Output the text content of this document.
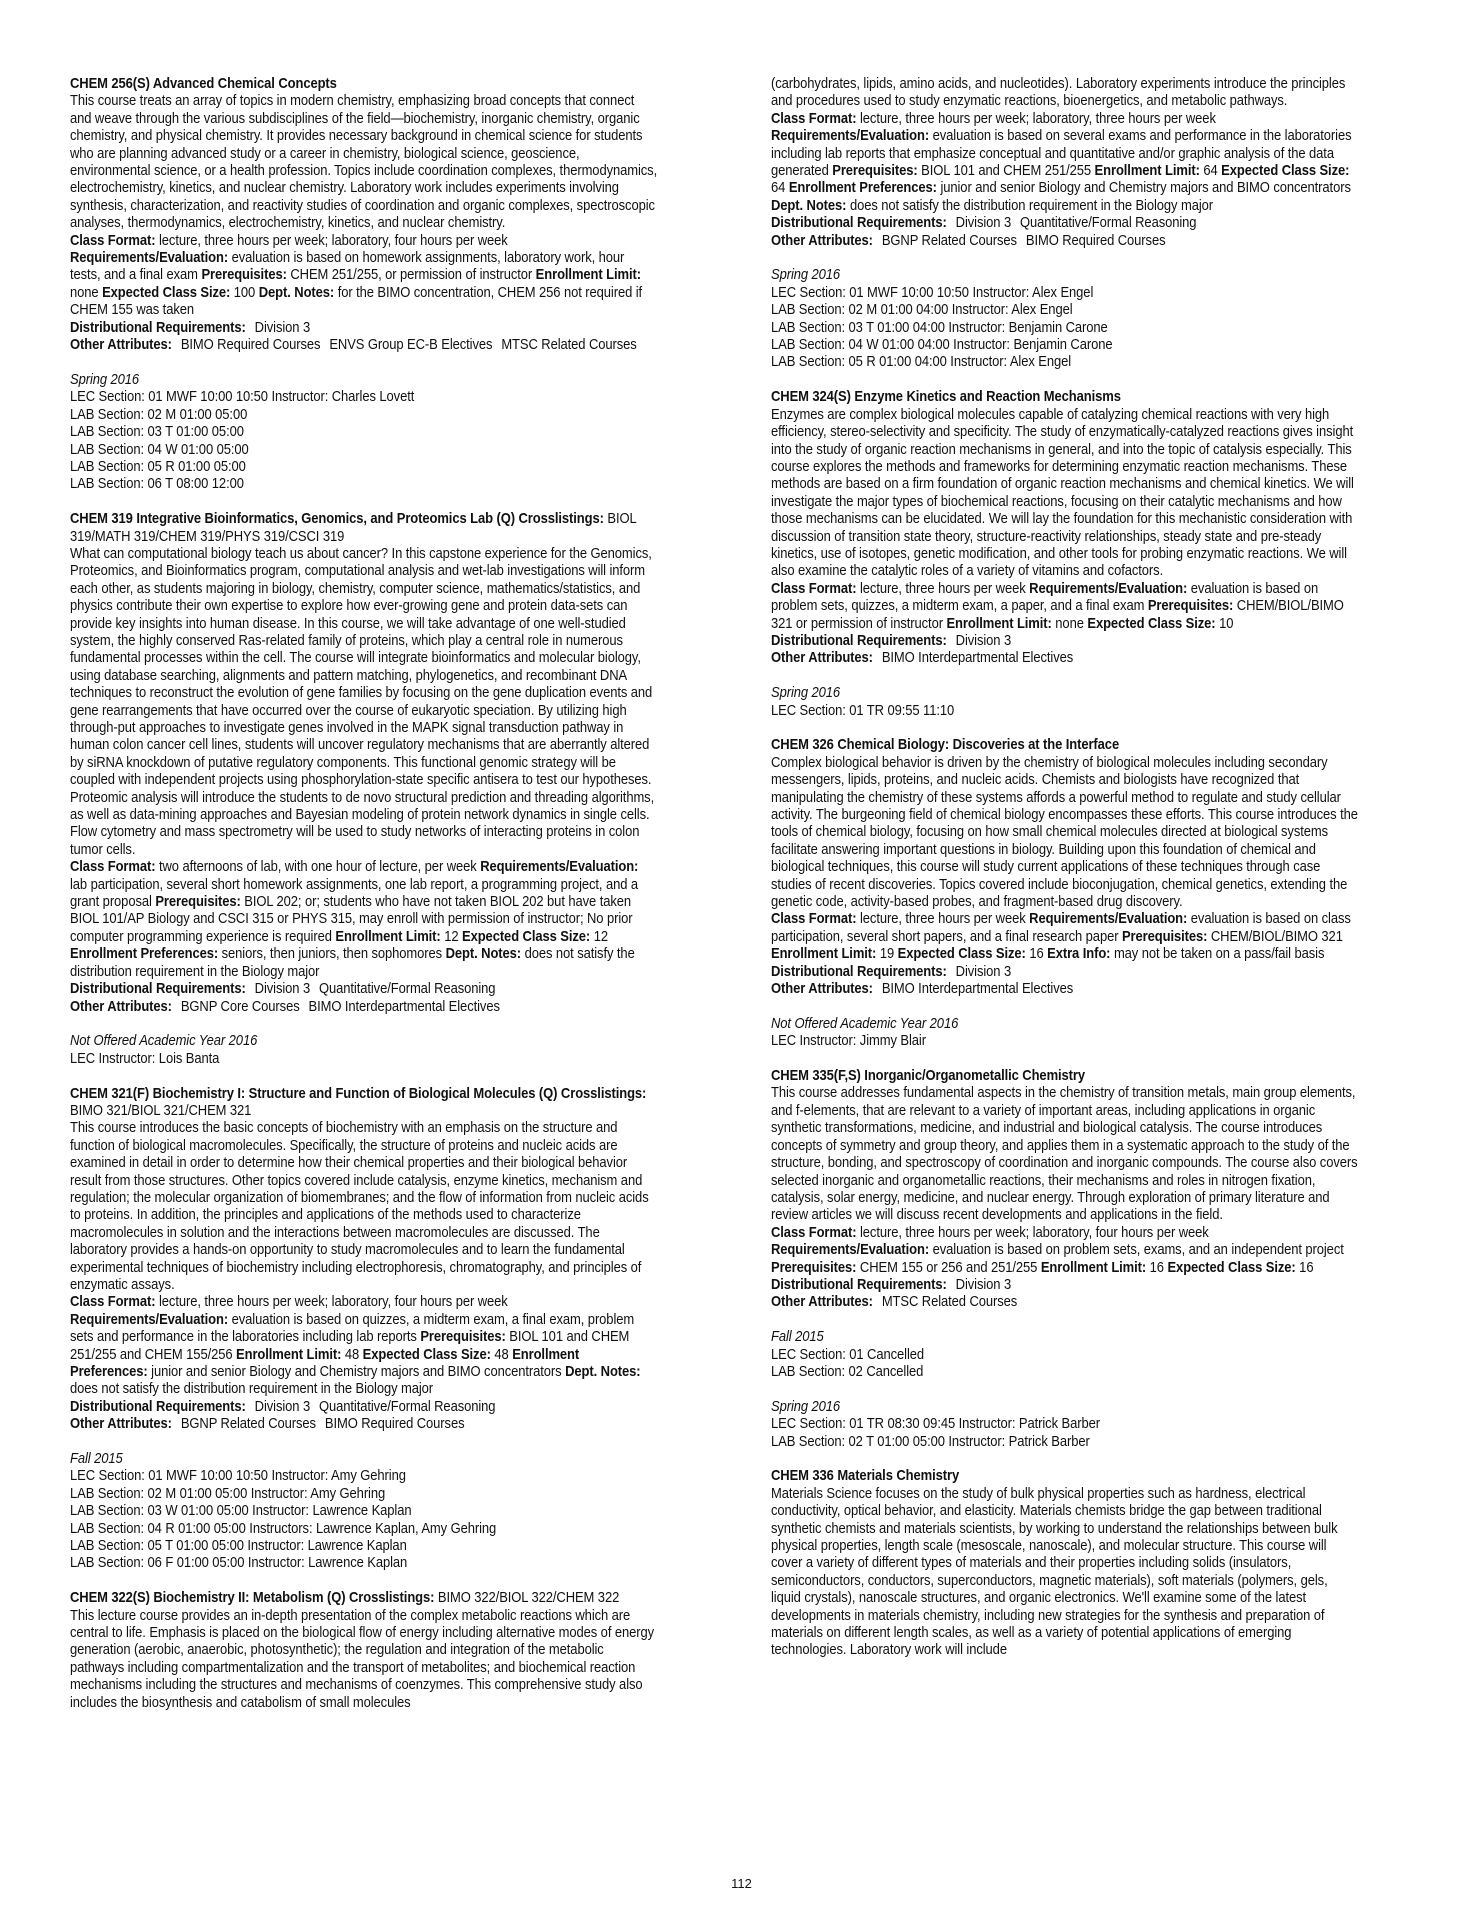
CHEM 256(S) Advanced Chemical Concepts

This course treats an array of topics in modern chemistry, emphasizing broad concepts that connect and weave through the various subdisciplines of the field—biochemistry, inorganic chemistry, organic chemistry, and physical chemistry. It provides necessary background in chemical science for students who are planning advanced study or a career in chemistry, biological science, geoscience, environmental science, or a health profession. Topics include coordination complexes, thermodynamics, electrochemistry, kinetics, and nuclear chemistry. Laboratory work includes experiments involving synthesis, characterization, and reactivity studies of coordination and organic complexes, spectroscopic analyses, thermodynamics, electrochemistry, kinetics, and nuclear chemistry.

Class Format: lecture, three hours per week; laboratory, four hours per week Requirements/Evaluation: evaluation is based on homework assignments, laboratory work, hour tests, and a final exam Prerequisites: CHEM 251/255, or permission of instructor Enrollment Limit: none Expected Class Size: 100 Dept. Notes: for the BIMO concentration, CHEM 256 not required if CHEM 155 was taken

Distributional Requirements: Division 3

Other Attributes: BIMO Required Courses ENVS Group EC-B Electives MTSC Related Courses

Spring 2016

LEC Section: 01 MWF 10:00 10:50 Instructor: Charles Lovett

LAB Section: 02 M 01:00 05:00

LAB Section: 03 T 01:00 05:00

LAB Section: 04 W 01:00 05:00

LAB Section: 05 R 01:00 05:00

LAB Section: 06 T 08:00 12:00

CHEM 319 Integrative Bioinformatics, Genomics, and Proteomics Lab (Q) Crosslistings: BIOL 319/MATH 319/CHEM 319/PHYS 319/CSCI 319

What can computational biology teach us about cancer? In this capstone experience for the Genomics, Proteomics, and Bioinformatics program, computational analysis and wet-lab investigations will inform each other, as students majoring in biology, chemistry, computer science, mathematics/statistics, and physics contribute their own expertise to explore how ever-growing gene and protein data-sets can provide key insights into human disease. In this course, we will take advantage of one well-studied system, the highly conserved Ras-related family of proteins, which play a central role in numerous fundamental processes within the cell. The course will integrate bioinformatics and molecular biology, using database searching, alignments and pattern matching, phylogenetics, and recombinant DNA techniques to reconstruct the evolution of gene families by focusing on the gene duplication events and gene rearrangements that have occurred over the course of eukaryotic speciation. By utilizing high through-put approaches to investigate genes involved in the MAPK signal transduction pathway in human colon cancer cell lines, students will uncover regulatory mechanisms that are aberrantly altered by siRNA knockdown of putative regulatory components. This functional genomic strategy will be coupled with independent projects using phosphorylation-state specific antisera to test our hypotheses. Proteomic analysis will introduce the students to de novo structural prediction and threading algorithms, as well as data-mining approaches and Bayesian modeling of protein network dynamics in single cells. Flow cytometry and mass spectrometry will be used to study networks of interacting proteins in colon tumor cells.

Class Format: two afternoons of lab, with one hour of lecture, per week Requirements/Evaluation: lab participation, several short homework assignments, one lab report, a programming project, and a grant proposal Prerequisites: BIOL 202; or; students who have not taken BIOL 202 but have taken BIOL 101/AP Biology and CSCI 315 or PHYS 315, may enroll with permission of instructor; No prior computer programming experience is required Enrollment Limit: 12 Expected Class Size: 12 Enrollment Preferences: seniors, then juniors, then sophomores Dept. Notes: does not satisfy the distribution requirement in the Biology major

Distributional Requirements: Division 3 Quantitative/Formal Reasoning

Other Attributes: BGNP Core Courses BIMO Interdepartmental Electives

Not Offered Academic Year 2016

LEC Instructor: Lois Banta

CHEM 321(F) Biochemistry I: Structure and Function of Biological Molecules (Q) Crosslistings: BIMO 321/BIOL 321/CHEM 321

This course introduces the basic concepts of biochemistry with an emphasis on the structure and function of biological macromolecules. Specifically, the structure of proteins and nucleic acids are examined in detail in order to determine how their chemical properties and their biological behavior result from those structures. Other topics covered include catalysis, enzyme kinetics, mechanism and regulation; the molecular organization of biomembranes; and the flow of information from nucleic acids to proteins. In addition, the principles and applications of the methods used to characterize macromolecules in solution and the interactions between macromolecules are discussed. The laboratory provides a hands-on opportunity to study macromolecules and to learn the fundamental experimental techniques of biochemistry including electrophoresis, chromatography, and principles of enzymatic assays.

Class Format: lecture, three hours per week; laboratory, four hours per week Requirements/Evaluation: evaluation is based on quizzes, a midterm exam, a final exam, problem sets and performance in the laboratories including lab reports Prerequisites: BIOL 101 and CHEM 251/255 and CHEM 155/256 Enrollment Limit: 48 Expected Class Size: 48 Enrollment Preferences: junior and senior Biology and Chemistry majors and BIMO concentrators Dept. Notes: does not satisfy the distribution requirement in the Biology major

Distributional Requirements: Division 3 Quantitative/Formal Reasoning

Other Attributes: BGNP Related Courses BIMO Required Courses

Fall 2015

LEC Section: 01 MWF 10:00 10:50 Instructor: Amy Gehring

LAB Section: 02 M 01:00 05:00 Instructor: Amy Gehring

LAB Section: 03 W 01:00 05:00 Instructor: Lawrence Kaplan

LAB Section: 04 R 01:00 05:00 Instructors: Lawrence Kaplan, Amy Gehring

LAB Section: 05 T 01:00 05:00 Instructor: Lawrence Kaplan

LAB Section: 06 F 01:00 05:00 Instructor: Lawrence Kaplan

CHEM 322(S) Biochemistry II: Metabolism (Q) Crosslistings: BIMO 322/BIOL 322/CHEM 322

This lecture course provides an in-depth presentation of the complex metabolic reactions which are central to life. Emphasis is placed on the biological flow of energy including alternative modes of energy generation (aerobic, anaerobic, photosynthetic); the regulation and integration of the metabolic pathways including compartmentalization and the transport of metabolites; and biochemical reaction mechanisms including the structures and mechanisms of coenzymes. This comprehensive study also includes the biosynthesis and catabolism of small molecules

(carbohydrates, lipids, amino acids, and nucleotides). Laboratory experiments introduce the principles and procedures used to study enzymatic reactions, bioenergetics, and metabolic pathways.

Class Format: lecture, three hours per week; laboratory, three hours per week Requirements/Evaluation: evaluation is based on several exams and performance in the laboratories including lab reports that emphasize conceptual and quantitative and/or graphic analysis of the data generated Prerequisites: BIOL 101 and CHEM 251/255 Enrollment Limit: 64 Expected Class Size: 64 Enrollment Preferences: junior and senior Biology and Chemistry majors and BIMO concentrators Dept. Notes: does not satisfy the distribution requirement in the Biology major

Distributional Requirements: Division 3 Quantitative/Formal Reasoning

Other Attributes: BGNP Related Courses BIMO Required Courses

Spring 2016

LEC Section: 01 MWF 10:00 10:50 Instructor: Alex Engel

LAB Section: 02 M 01:00 04:00 Instructor: Alex Engel

LAB Section: 03 T 01:00 04:00 Instructor: Benjamin Carone

LAB Section: 04 W 01:00 04:00 Instructor: Benjamin Carone

LAB Section: 05 R 01:00 04:00 Instructor: Alex Engel

CHEM 324(S) Enzyme Kinetics and Reaction Mechanisms

Enzymes are complex biological molecules capable of catalyzing chemical reactions with very high efficiency, stereo-selectivity and specificity. The study of enzymatically-catalyzed reactions gives insight into the study of organic reaction mechanisms in general, and into the topic of catalysis especially. This course explores the methods and frameworks for determining enzymatic reaction mechanisms. These methods are based on a firm foundation of organic reaction mechanisms and chemical kinetics. We will investigate the major types of biochemical reactions, focusing on their catalytic mechanisms and how those mechanisms can be elucidated. We will lay the foundation for this mechanistic consideration with discussion of transition state theory, structure-reactivity relationships, steady state and pre-steady kinetics, use of isotopes, genetic modification, and other tools for probing enzymatic reactions. We will also examine the catalytic roles of a variety of vitamins and cofactors.

Class Format: lecture, three hours per week Requirements/Evaluation: evaluation is based on problem sets, quizzes, a midterm exam, a paper, and a final exam Prerequisites: CHEM/BIOL/BIMO 321 or permission of instructor Enrollment Limit: none Expected Class Size: 10

Distributional Requirements: Division 3

Other Attributes: BIMO Interdepartmental Electives

Spring 2016

LEC Section: 01 TR 09:55 11:10

CHEM 326 Chemical Biology: Discoveries at the Interface

Complex biological behavior is driven by the chemistry of biological molecules including secondary messengers, lipids, proteins, and nucleic acids. Chemists and biologists have recognized that manipulating the chemistry of these systems affords a powerful method to regulate and study cellular activity. The burgeoning field of chemical biology encompasses these efforts. This course introduces the tools of chemical biology, focusing on how small chemical molecules directed at biological systems facilitate answering important questions in biology. Building upon this foundation of chemical and biological techniques, this course will study current applications of these techniques through case studies of recent discoveries. Topics covered include bioconjugation, chemical genetics, extending the genetic code, activity-based probes, and fragment-based drug discovery.

Class Format: lecture, three hours per week Requirements/Evaluation: evaluation is based on class participation, several short papers, and a final research paper Prerequisites: CHEM/BIOL/BIMO 321 Enrollment Limit: 19 Expected Class Size: 16 Extra Info: may not be taken on a pass/fail basis

Distributional Requirements: Division 3

Other Attributes: BIMO Interdepartmental Electives

Not Offered Academic Year 2016

LEC Instructor: Jimmy Blair

CHEM 335(F,S) Inorganic/Organometallic Chemistry

This course addresses fundamental aspects in the chemistry of transition metals, main group elements, and f-elements, that are relevant to a variety of important areas, including applications in organic synthetic transformations, medicine, and industrial and biological catalysis. The course introduces concepts of symmetry and group theory, and applies them in a systematic approach to the study of the structure, bonding, and spectroscopy of coordination and inorganic compounds. The course also covers selected inorganic and organometallic reactions, their mechanisms and roles in nitrogen fixation, catalysis, solar energy, medicine, and nuclear energy. Through exploration of primary literature and review articles we will discuss recent developments and applications in the field.

Class Format: lecture, three hours per week; laboratory, four hours per week Requirements/Evaluation: evaluation is based on problem sets, exams, and an independent project Prerequisites: CHEM 155 or 256 and 251/255 Enrollment Limit: 16 Expected Class Size: 16

Distributional Requirements: Division 3

Other Attributes: MTSC Related Courses

Fall 2015

LEC Section: 01 Cancelled

LAB Section: 02 Cancelled

Spring 2016

LEC Section: 01 TR 08:30 09:45 Instructor: Patrick Barber

LAB Section: 02 T 01:00 05:00 Instructor: Patrick Barber

CHEM 336 Materials Chemistry

Materials Science focuses on the study of bulk physical properties such as hardness, electrical conductivity, optical behavior, and elasticity. Materials chemists bridge the gap between traditional synthetic chemists and materials scientists, by working to understand the relationships between bulk physical properties, length scale (mesoscale, nanoscale), and molecular structure. This course will cover a variety of different types of materials and their properties including solids (insulators, semiconductors, conductors, superconductors, magnetic materials), soft materials (polymers, gels, liquid crystals), nanoscale structures, and organic electronics. We'll examine some of the latest developments in materials chemistry, including new strategies for the synthesis and preparation of materials on different length scales, as well as a variety of potential applications of emerging technologies. Laboratory work will include

112
